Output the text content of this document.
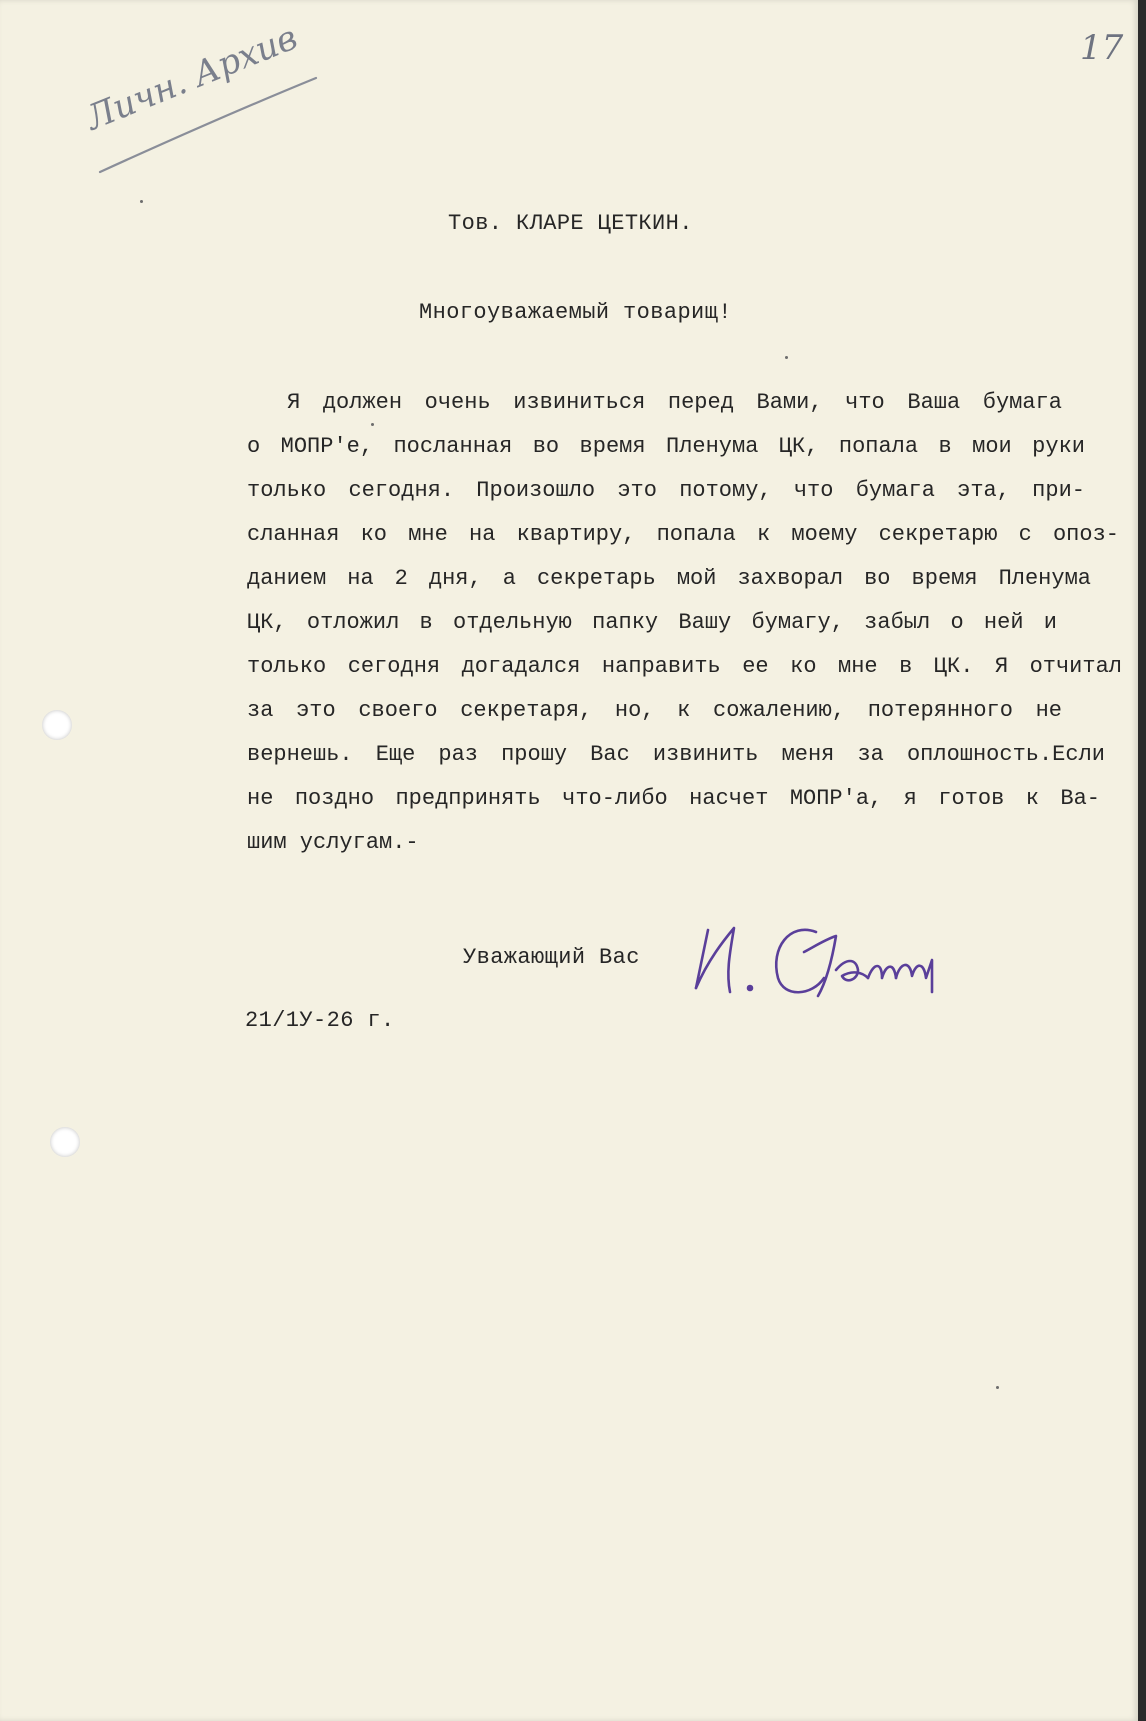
17
Личн. Архив
Тов. КЛАРЕ ЦЕТКИН.
Многоуважаемый товарищ!
Я должен очень извиниться перед Вами, что Ваша бумага
о МОПР'е, посланная во время Пленума ЦК, попала в мои руки
только сегодня. Произошло это потому, что бумага эта, при-
сланная ко мне на квартиру, попала к моему секретарю с опоз-
данием на 2 дня, а секретарь мой захворал во время Пленума
ЦК, отложил в отдельную папку Вашу бумагу, забыл о ней и
только сегодня догадался направить ее ко мне в ЦК. Я отчитал
за это своего секретаря, но, к сожалению, потерянного не
вернешь. Еще раз прошу Вас извинить меня за оплошность.Если
не поздно предпринять что-либо насчет МОПР'а, я готов к Ва-
шим услугам.-
Уважающий Вас
21/1У-26 г.
